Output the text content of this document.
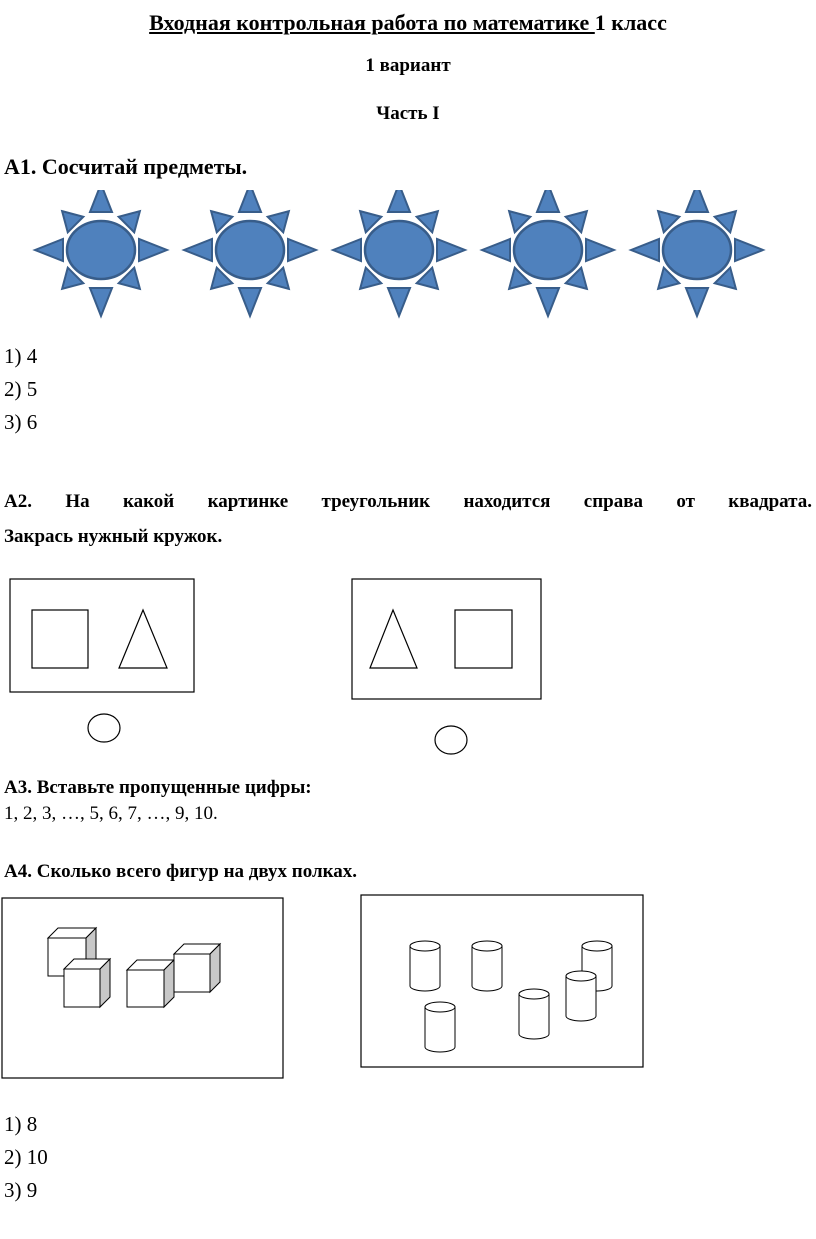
Входная контрольная работа по математике 1 класс
1 вариант
Часть I
А1. Сосчитай предметы.
1) 4
2) 5
3) 6
А2. На какой картинке треугольник находится справа от квадрата.
Закрась нужный кружок.
А3. Вставьте пропущенные цифры:
1, 2, 3, …, 5, 6, 7, …, 9, 10.
А4. Сколько всего фигур на двух полках.
1) 8
2) 10
3) 9
